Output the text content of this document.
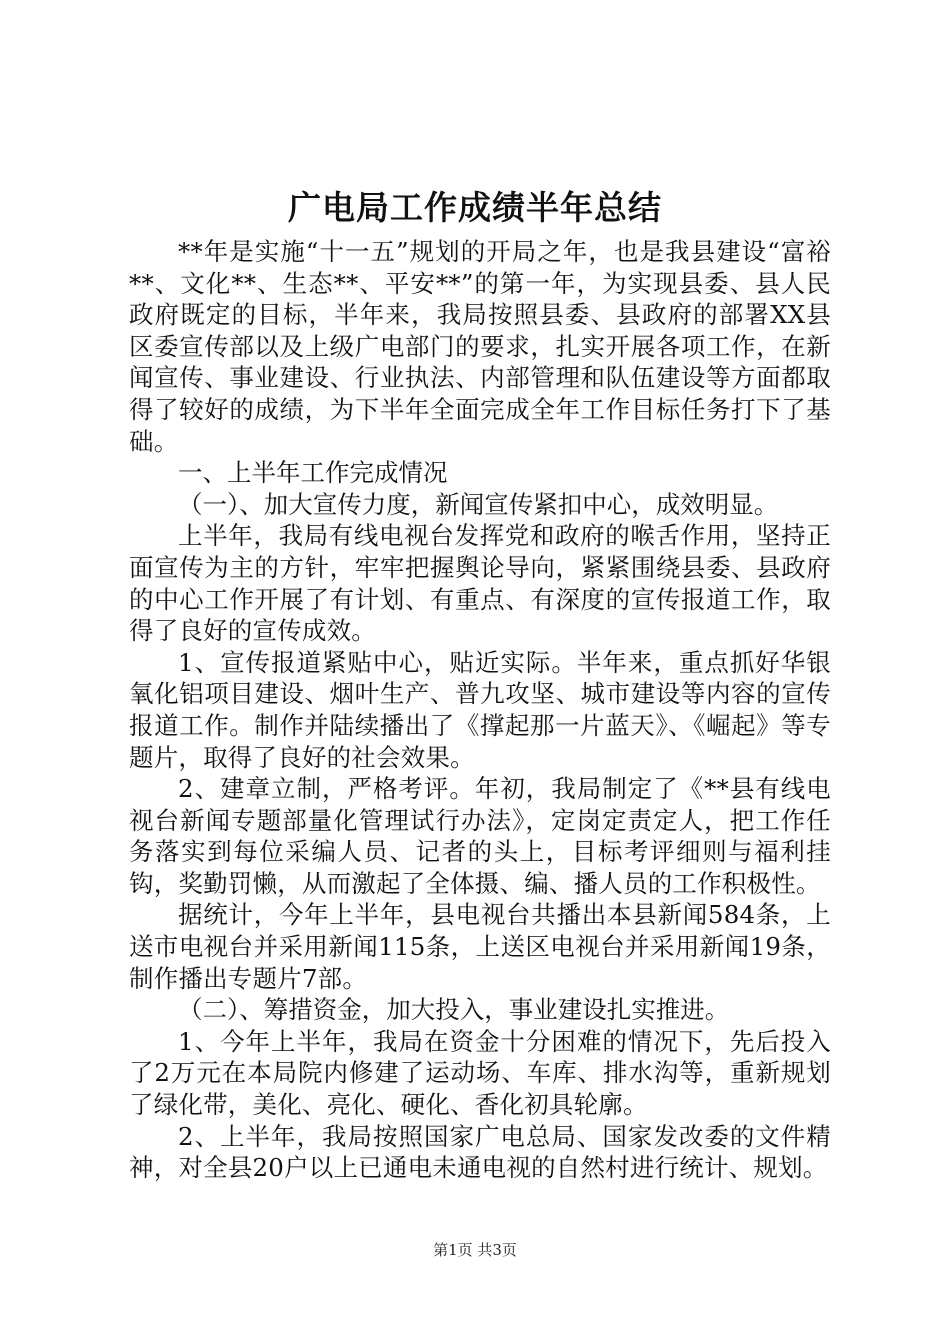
广电局工作成绩半年总结

**年是实施“十一五”规划的开局之年，也是我县建设“富裕**、文化**、生态**、平安**”的第一年，为实现县委、县人民政府既定的目标，半年来，我局按照县委、县政府的部署XX县区委宣传部以及上级广电部门的要求，扎实开展各项工作，在新闻宣传、事业建设、行业执法、内部管理和队伍建设等方面都取得了较好的成绩，为下半年全面完成全年工作目标任务打下了基础。

一、上半年工作完成情况

（一）、加大宣传力度，新闻宣传紧扣中心，成效明显。

上半年，我局有线电视台发挥党和政府的喉舌作用，坚持正面宣传为主的方针，牢牢把握舆论导向，紧紧围绕县委、县政府的中心工作开展了有计划、有重点、有深度的宣传报道工作，取得了良好的宣传成效。

1、宣传报道紧贴中心，贴近实际。半年来，重点抓好华银氧化铝项目建设、烟叶生产、普九攻坚、城市建设等内容的宣传报道工作。制作并陆续播出了《撑起那一片蓝天》、《崛起》等专题片，取得了良好的社会效果。

2、建章立制，严格考评。年初，我局制定了《**县有线电视台新闻专题部量化管理试行办法》，定岗定责定人，把工作任务落实到每位采编人员、记者的头上，目标考评细则与福利挂钩，奖勤罚懒，从而激起了全体摄、编、播人员的工作积极性。

据统计，今年上半年，县电视台共播出本县新闻584条，上送市电视台并采用新闻115条，上送区电视台并采用新闻19条，制作播出专题片7部。

（二）、筹措资金，加大投入，事业建设扎实推进。

1、今年上半年，我局在资金十分困难的情况下，先后投入了2万元在本局院内修建了运动场、车库、排水沟等，重新规划了绿化带，美化、亮化、硬化、香化初具轮廓。

2、上半年，我局按照国家广电总局、国家发改委的文件精神，对全县20户以上已通电未通电视的自然村进行统计、规划。

第1页 共3页
